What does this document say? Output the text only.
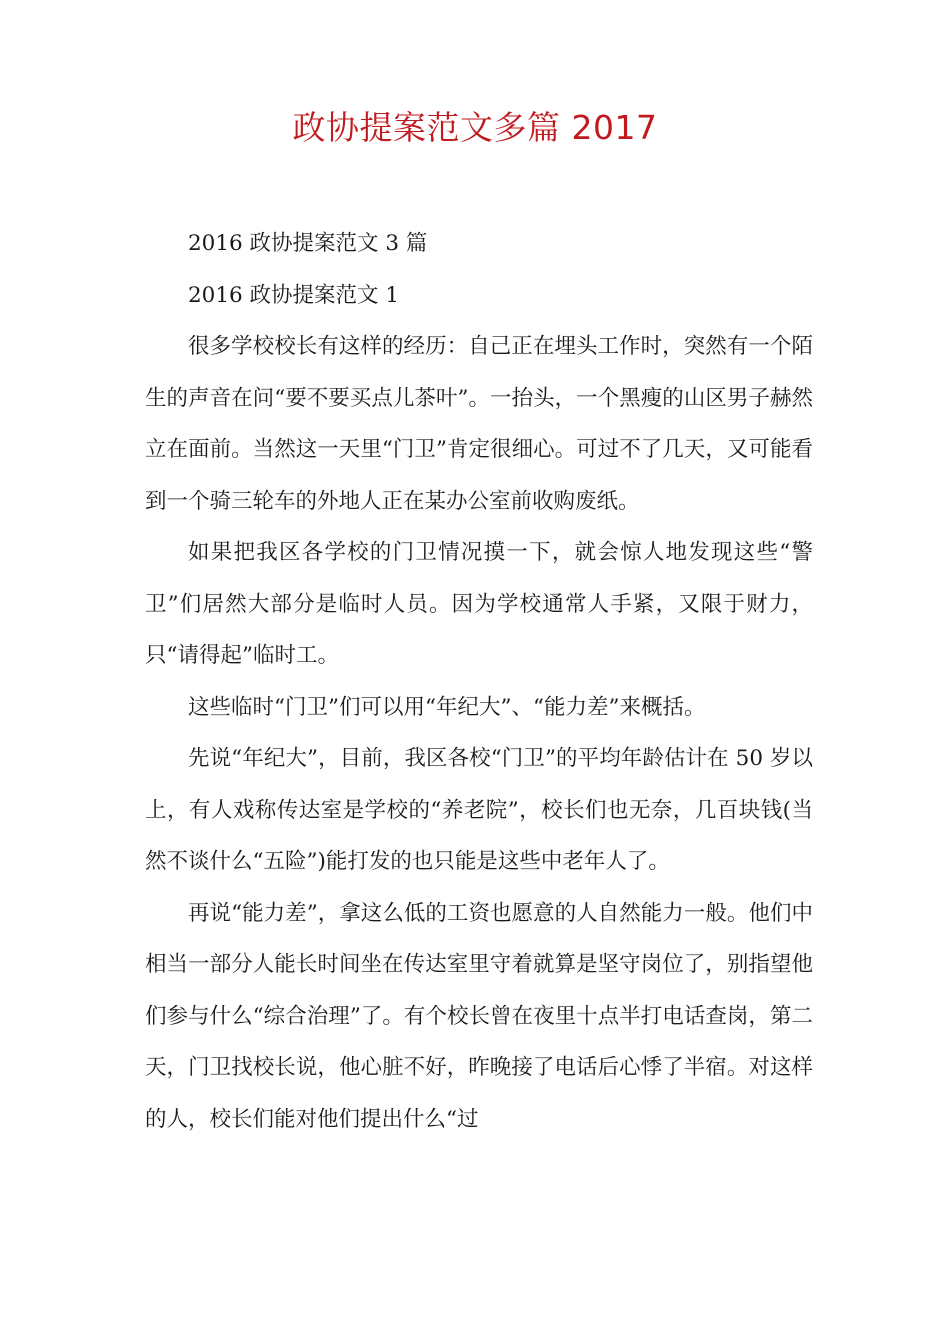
政协提案范文多篇 2017

2016 政协提案范文 3 篇

2016 政协提案范文 1

很多学校校长有这样的经历：自己正在埋头工作时，突然有一个陌生的声音在问“要不要买点儿茶叶”。一抬头，一个黑瘦的山区男子赫然立在面前。当然这一天里“门卫”肯定很细心。可过不了几天，又可能看到一个骑三轮车的外地人正在某办公室前收购废纸。

如果把我区各学校的门卫情况摸一下，就会惊人地发现这些“警卫”们居然大部分是临时人员。因为学校通常人手紧，又限于财力，只“请得起”临时工。

这些临时“门卫”们可以用“年纪大”、“能力差”来概括。

先说“年纪大”，目前，我区各校“门卫”的平均年龄估计在 50 岁以上，有人戏称传达室是学校的“养老院”，校长们也无奈，几百块钱(当然不谈什么“五险”)能打发的也只能是这些中老年人了。

再说“能力差”，拿这么低的工资也愿意的人自然能力一般。他们中相当一部分人能长时间坐在传达室里守着就算是坚守岗位了，别指望他们参与什么“综合治理”了。有个校长曾在夜里十点半打电话查岗，第二天，门卫找校长说，他心脏不好，昨晚接了电话后心悸了半宿。对这样的人，校长们能对他们提出什么“过
